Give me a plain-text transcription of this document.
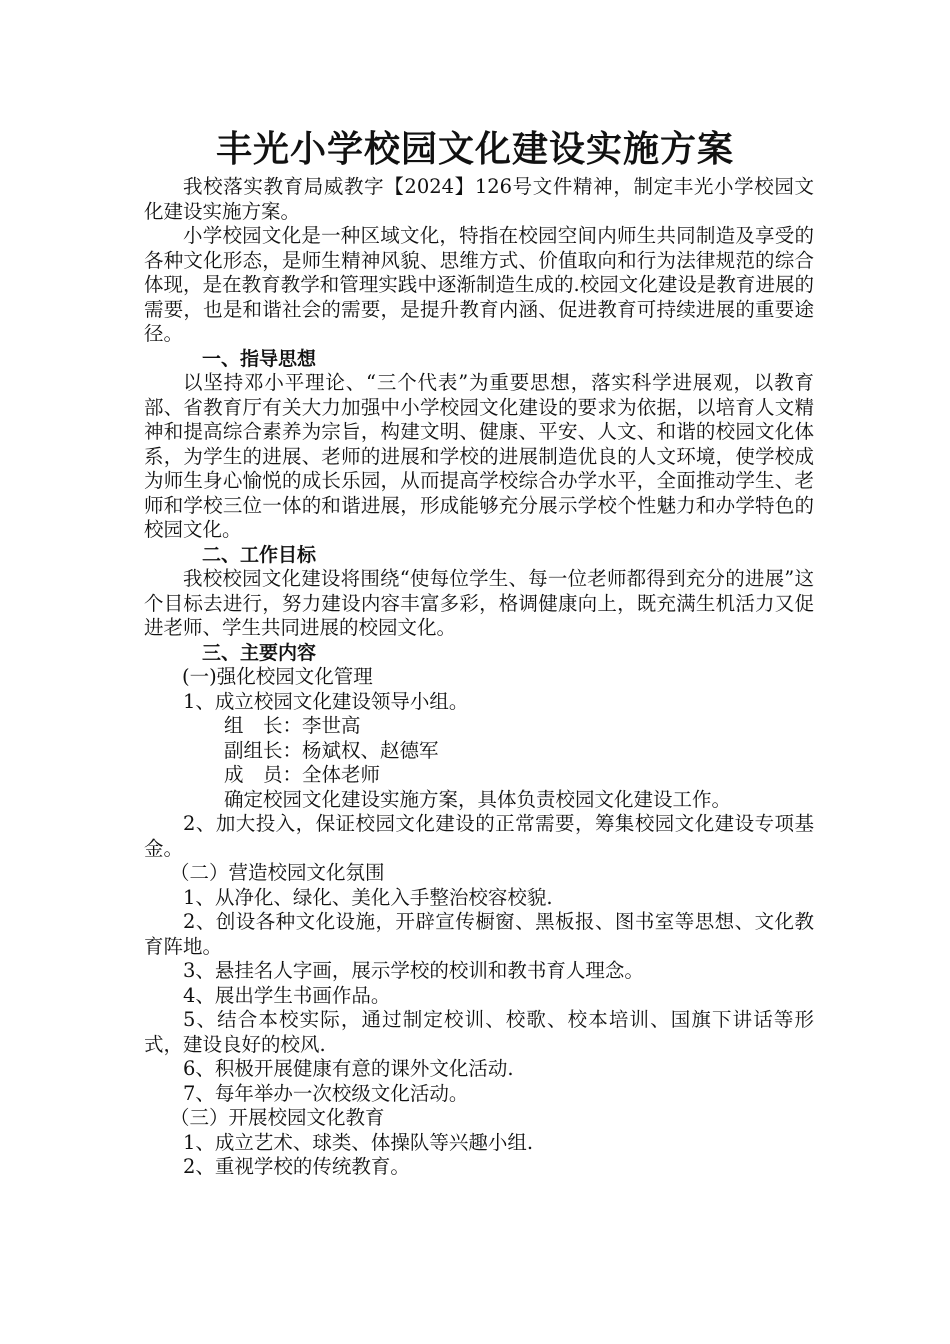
丰光小学校园文化建设实施方案

我校落实教育局威教字【2024】126号文件精神，制定丰光小学校园文化建设实施方案。

小学校园文化是一种区域文化，特指在校园空间内师生共同制造及享受的各种文化形态，是师生精神风貌、思维方式、价值取向和行为法律规范的综合体现，是在教育教学和管理实践中逐渐制造生成的.校园文化建设是教育进展的需要，也是和谐社会的需要，是提升教育内涵、促进教育可持续进展的重要途径。

一、指导思想

以坚持邓小平理论、“三个代表”为重要思想，落实科学进展观，以教育部、省教育厅有关大力加强中小学校园文化建设的要求为依据，以培育人文精神和提高综合素养为宗旨，构建文明、健康、平安、人文、和谐的校园文化体系，为学生的进展、老师的进展和学校的进展制造优良的人文环境，使学校成为师生身心愉悦的成长乐园，从而提高学校综合办学水平，全面推动学生、老师和学校三位一体的和谐进展，形成能够充分展示学校个性魅力和办学特色的校园文化。

二、工作目标

我校校园文化建设将围绕“使每位学生、每一位老师都得到充分的进展”这个目标去进行，努力建设内容丰富多彩，格调健康向上，既充满生机活力又促进老师、学生共同进展的校园文化。

三、主要内容

(一)强化校园文化管理

1、成立校园文化建设领导小组。

组　长：李世高

副组长：杨斌权、赵德军

成　员：全体老师

确定校园文化建设实施方案，具体负责校园文化建设工作。

2、加大投入，保证校园文化建设的正常需要，筹集校园文化建设专项基金。

（二）营造校园文化氛围

1、从净化、绿化、美化入手整治校容校貌.

2、创设各种文化设施，开辟宣传橱窗、黑板报、图书室等思想、文化教育阵地。

3、悬挂名人字画，展示学校的校训和教书育人理念。

4、展出学生书画作品。

5、结合本校实际，通过制定校训、校歌、校本培训、国旗下讲话等形式，建设良好的校风.

6、积极开展健康有意的课外文化活动.

7、每年举办一次校级文化活动。

（三）开展校园文化教育

1、成立艺术、球类、体操队等兴趣小组.

2、重视学校的传统教育。
